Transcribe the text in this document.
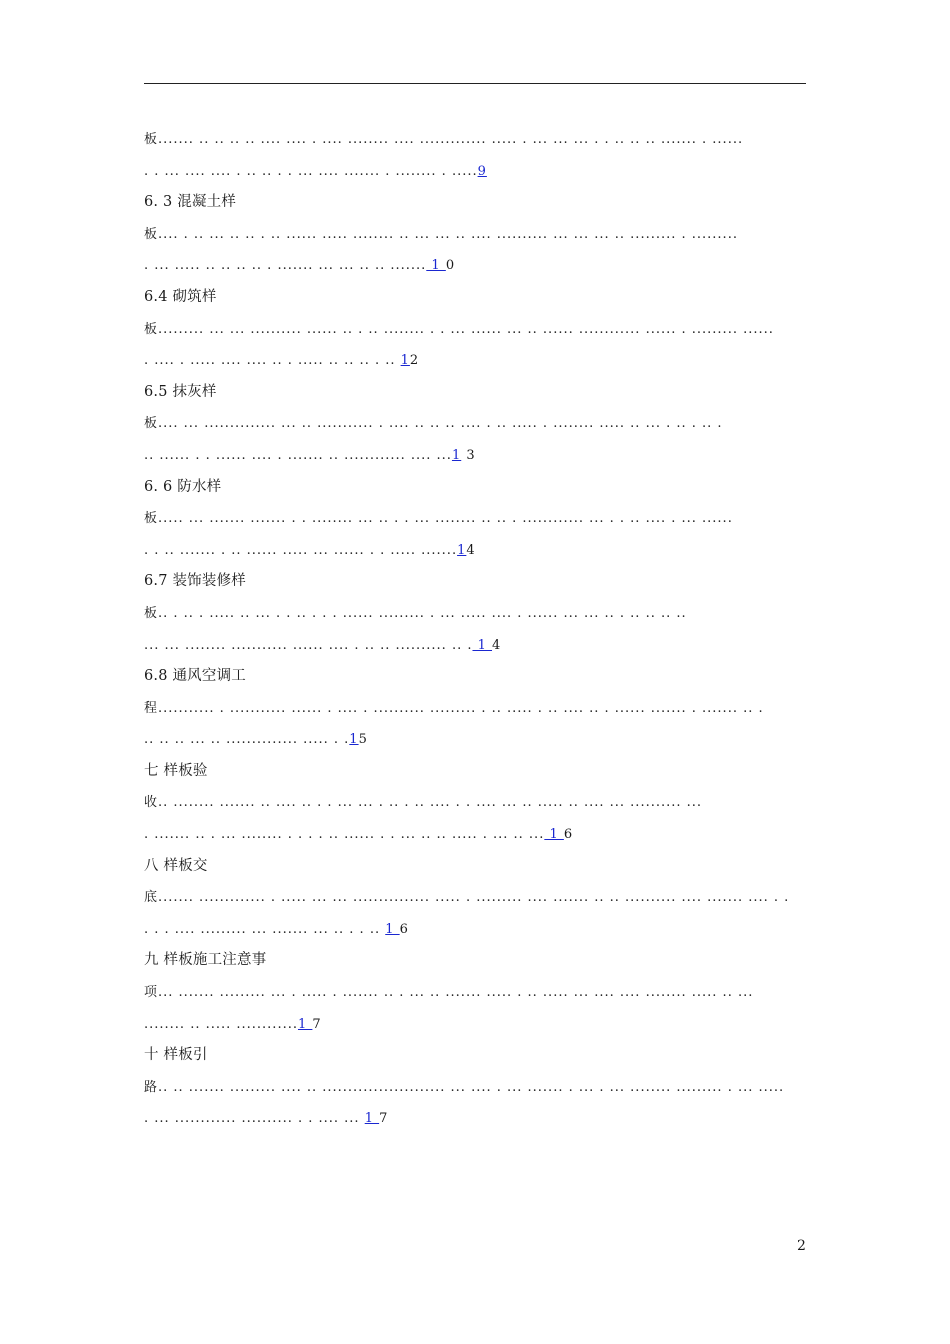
板....... .. .. .. .. .... .... . .... ........ .... ............. ..... . ... ... ... . . .. .. .. ....... . ......
. . ... .... .... . .. .. . . ... .... ....... . ........ . .....9
6. 3 混凝土样
板.... . .. ... .. .. . .. ...... ..... ........ .. ... ... .. .... .......... ... ... ... .. ......... . .........
. ... ..... .. .. .. .. . ....... ... ... .. .. ....... 1 0
6.4 砌筑样
板......... ... ... .......... ...... .. . .. ........ . . ... ...... ... .. ...... ............ ...... . ......... ......
. .... . ..... .... .... .. . ..... .. .. .. . .. 12
6.5 抹灰样
板.... ... .............. ... .. ........... . .... .. .. .. .... . .. ..... . ........ ..... .. ... . .. . .. .
.. ...... . . ...... .... . ....... .. ............ .... ...1 3
6. 6 防水样
板..... ... ....... ....... . . ........ ... .. . . ... ........ .. .. . ............ ... . . .. .... . ... ......
. . .. ....... . .. ...... ..... ... ...... . . ..... .......14
6.7 装饰装修样
板.. . .. . ..... .. ... . . .. . . . ...... ......... . ... ..... .... . ...... ... ... .. . .. .. .. ..
... ... ........ ........... ...... .... . .. .. .......... .. . 1 4
6.8 通风空调工
程........... . ........... ...... . .... . .......... ......... . .. ..... . .. .... .. . ...... ....... . ....... .. .
.. .. .. ... .. .............. ..... . .15
七 样板验
收.. ........ ....... .. .... .. . . ... ... . .. . .. .... . . .... ... .. ..... .. .... ... .......... ...
. ....... .. . ... ........ . . . . .. ...... . . ... .. .. ..... . ... .. ... 1 6
八 样板交
底....... ............. . ..... ... ... ............... ..... . ......... .... ....... .. .. .......... .... ....... .... . .
. . . .... ......... ... ....... ... .. . . .. 1 6
九 样板施工注意事
项... ....... ......... ... . ..... . ....... .. . ... .. ....... ..... . .. ..... ... .... .... ........ ..... .. ...
........ .. ..... ............1 7
十 样板引
路.. .. ....... ......... .... .. ........................ ... .... . ... ....... . ... . ... ........ ......... . ... .....
. ... ............ .......... . . .... ... 1 7
2
